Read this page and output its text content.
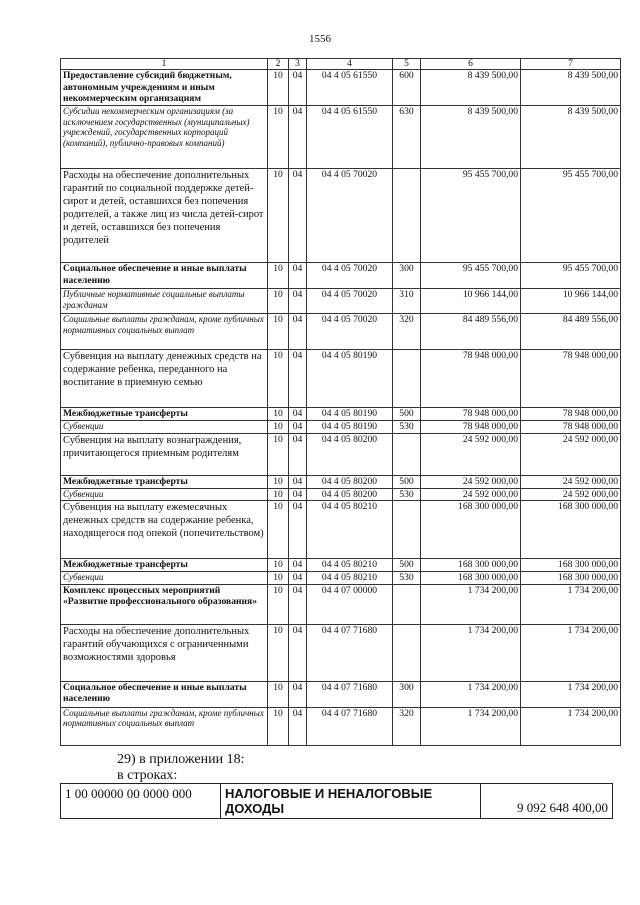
1556
1	2	3	4	5	6	7
Предоставление субсидий бюджетным, автономным учреждениям и иным некоммерческим организациям	10	04	04 4 05 61550	600	8 439 500,00	8 439 500,00
Субсидии некоммерческим организациям (за исключением государственных (муниципальных) учреждений, государственных корпораций (компаний), публично-правовых компаний)	10	04	04 4 05 61550	630	8 439 500,00	8 439 500,00
Расходы на обеспечение дополнительных гарантий по социальной поддержке детей-сирот и детей, оставшихся без попечения родителей, а также лиц из числа детей-сирот и детей, оставшихся без попечения родителей	10	04	04 4 05 70020		95 455 700,00	95 455 700,00
Социальное обеспечение и иные выплаты населению	10	04	04 4 05 70020	300	95 455 700,00	95 455 700,00
Публичные нормативные социальные выплаты гражданам	10	04	04 4 05 70020	310	10 966 144,00	10 966 144,00
Социальные выплаты гражданам, кроме публичных нормативных социальных выплат	10	04	04 4 05 70020	320	84 489 556,00	84 489 556,00
Субвенция на выплату денежных средств на содержание ребенка, переданного на воспитание в приемную семью	10	04	04 4 05 80190		78 948 000,00	78 948 000,00
Межбюджетные трансферты	10	04	04 4 05 80190	500	78 948 000,00	78 948 000,00
Субвенции	10	04	04 4 05 80190	530	78 948 000,00	78 948 000,00
Субвенция на выплату вознаграждения, причитающегося приемным родителям	10	04	04 4 05 80200		24 592 000,00	24 592 000,00
Межбюджетные трансферты	10	04	04 4 05 80200	500	24 592 000,00	24 592 000,00
Субвенции	10	04	04 4 05 80200	530	24 592 000,00	24 592 000,00
Субвенция на выплату ежемесячных денежных средств на содержание ребенка, находящегося под опекой (попечительством)	10	04	04 4 05 80210		168 300 000,00	168 300 000,00
Межбюджетные трансферты	10	04	04 4 05 80210	500	168 300 000,00	168 300 000,00
Субвенции	10	04	04 4 05 80210	530	168 300 000,00	168 300 000,00
Комплекс процессных мероприятий «Развитие профессионального образования»	10	04	04 4 07 00000		1 734 200,00	1 734 200,00
Расходы на обеспечение дополнительных гарантий обучающихся с ограниченными возможностями здоровья	10	04	04 4 07 71680		1 734 200,00	1 734 200,00
Социальное обеспечение и иные выплаты населению	10	04	04 4 07 71680	300	1 734 200,00	1 734 200,00
Социальные выплаты гражданам, кроме публичных нормативных социальных выплат	10	04	04 4 07 71680	320	1 734 200,00	1 734 200,00
29) в приложении 18:
в строках:
1 00 00000 00 0000 000	НАЛОГОВЫЕ И НЕНАЛОГОВЫЕ ДОХОДЫ	9 092 648 400,00
